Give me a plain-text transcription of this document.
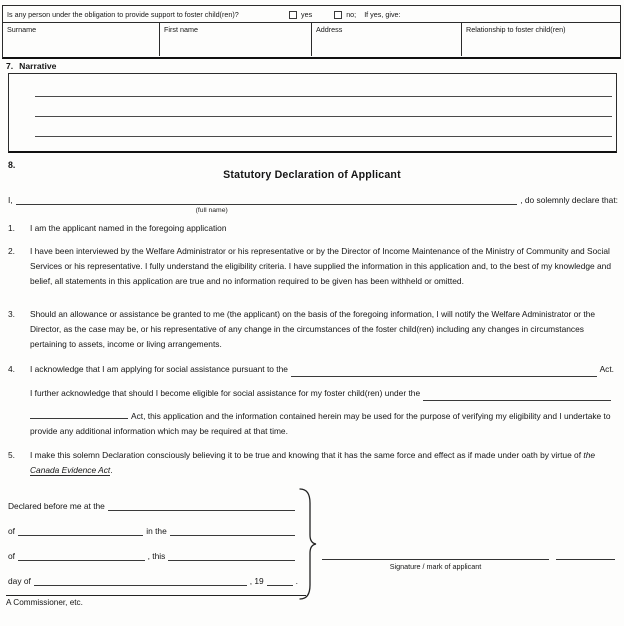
Is any person under the obligation to provide support to foster child(ren)?	yes	no; If yes, give:
Surname	First name	Address	Relationship to foster child(ren)
7. Narrative
8.
Statutory Declaration of Applicant
I,
(full name)
, do solemnly declare that:
1.	I am the applicant named in the foregoing application
2.	I have been interviewed by the Welfare Administrator or his representative or by the Director of Income Maintenance of the Ministry of Community and Social Services or his representative. I fully understand the eligibility criteria. I have supplied the information in this application and, to the best of my knowledge and belief, all statements in this application are true and no information required to be given has been withheld or omitted.
3.	Should an allowance or assistance be granted to me (the applicant) on the basis of the foregoing information, I will notify the Welfare Administrator or the Director, as the case may be, or his representative of any change in the circumstances of the foster child(ren) including any changes in circumstances pertaining to assets, income or living arrangements.
4.	I acknowledge that I am applying for social assistance pursuant to the	Act.
I further acknowledge that should I become eligible for social assistance for my foster child(ren) under the
Act, this application and the information contained herein may be used for the purpose of verifying my eligibility and I undertake to provide any additional information which may be required at that time.
5.	I make this solemn Declaration consciously believing it to be true and knowing that it has the same force and effect as if made under oath by virtue of the Canada Evidence Act.
Declared before me at the
of	in the
of	, this
day of	, 19	.
A Commissioner, etc.
Signature / mark of applicant
